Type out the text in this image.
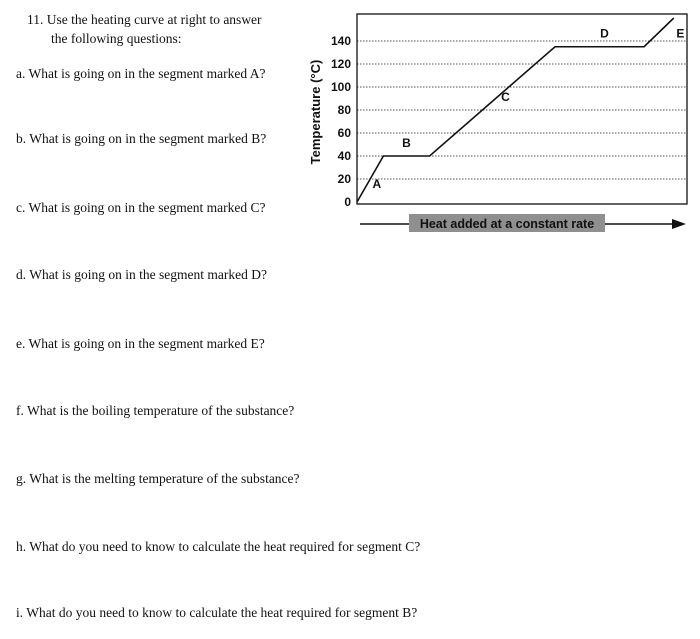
11. Use the heating curve at right to answer
the following questions:
a. What is going on in the segment marked A?
b. What is going on in the segment marked B?
c. What is going on in the segment marked C?
d. What is going on in the segment marked D?
e. What is going on in the segment marked E?
f. What is the boiling temperature of the substance?
g. What is the melting temperature of the substance?
h. What do you need to know to calculate the heat required for segment C?
i. What do you need to know to calculate the heat required for segment B?
0
20
40
60
80
100
120
140
Temperature (°C)
A
B
C
D	E
Heat added at a constant rate
